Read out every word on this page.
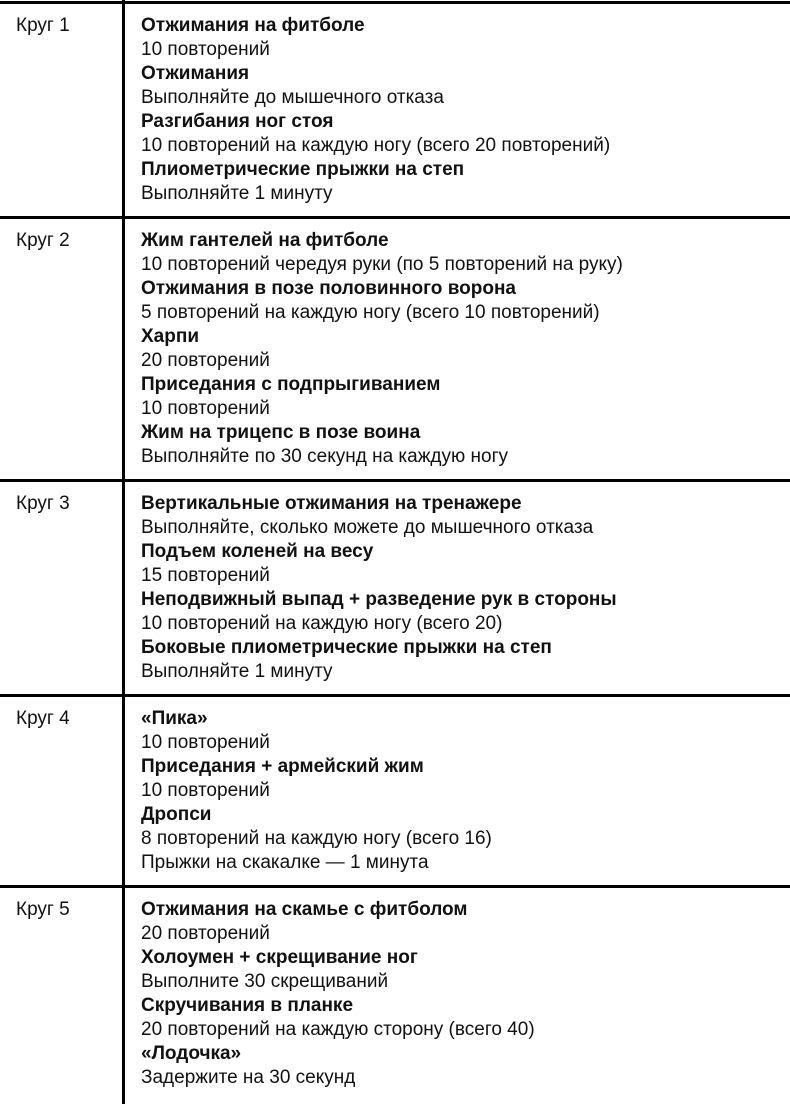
Круг 1	Отжимания на фитболе
10 повторений
Отжимания
Выполняйте до мышечного отказа
Разгибания ног стоя
10 повторений на каждую ногу (всего 20 повторений)
Плиометрические прыжки на степ
Выполняйте 1 минуту
Круг 2	Жим гантелей на фитболе
10 повторений чередуя руки (по 5 повторений на руку)
Отжимания в позе половинного ворона
5 повторений на каждую ногу (всего 10 повторений)
Харпи
20 повторений
Приседания с подпрыгиванием
10 повторений
Жим на трицепс в позе воина
Выполняйте по 30 секунд на каждую ногу
Круг 3	Вертикальные отжимания на тренажере
Выполняйте, сколько можете до мышечного отказа
Подъем коленей на весу
15 повторений
Неподвижный выпад + разведение рук в стороны
10 повторений на каждую ногу (всего 20)
Боковые плиометрические прыжки на степ
Выполняйте 1 минуту
Круг 4	«Пика»
10 повторений
Приседания + армейский жим
10 повторений
Дропси
8 повторений на каждую ногу (всего 16)
Прыжки на скакалке — 1 минута
Круг 5	Отжимания на скамье с фитболом
20 повторений
Холоумен + скрещивание ног
Выполните 30 скрещиваний
Скручивания в планке
20 повторений на каждую сторону (всего 40)
«Лодочка»
Задержите на 30 секунд
